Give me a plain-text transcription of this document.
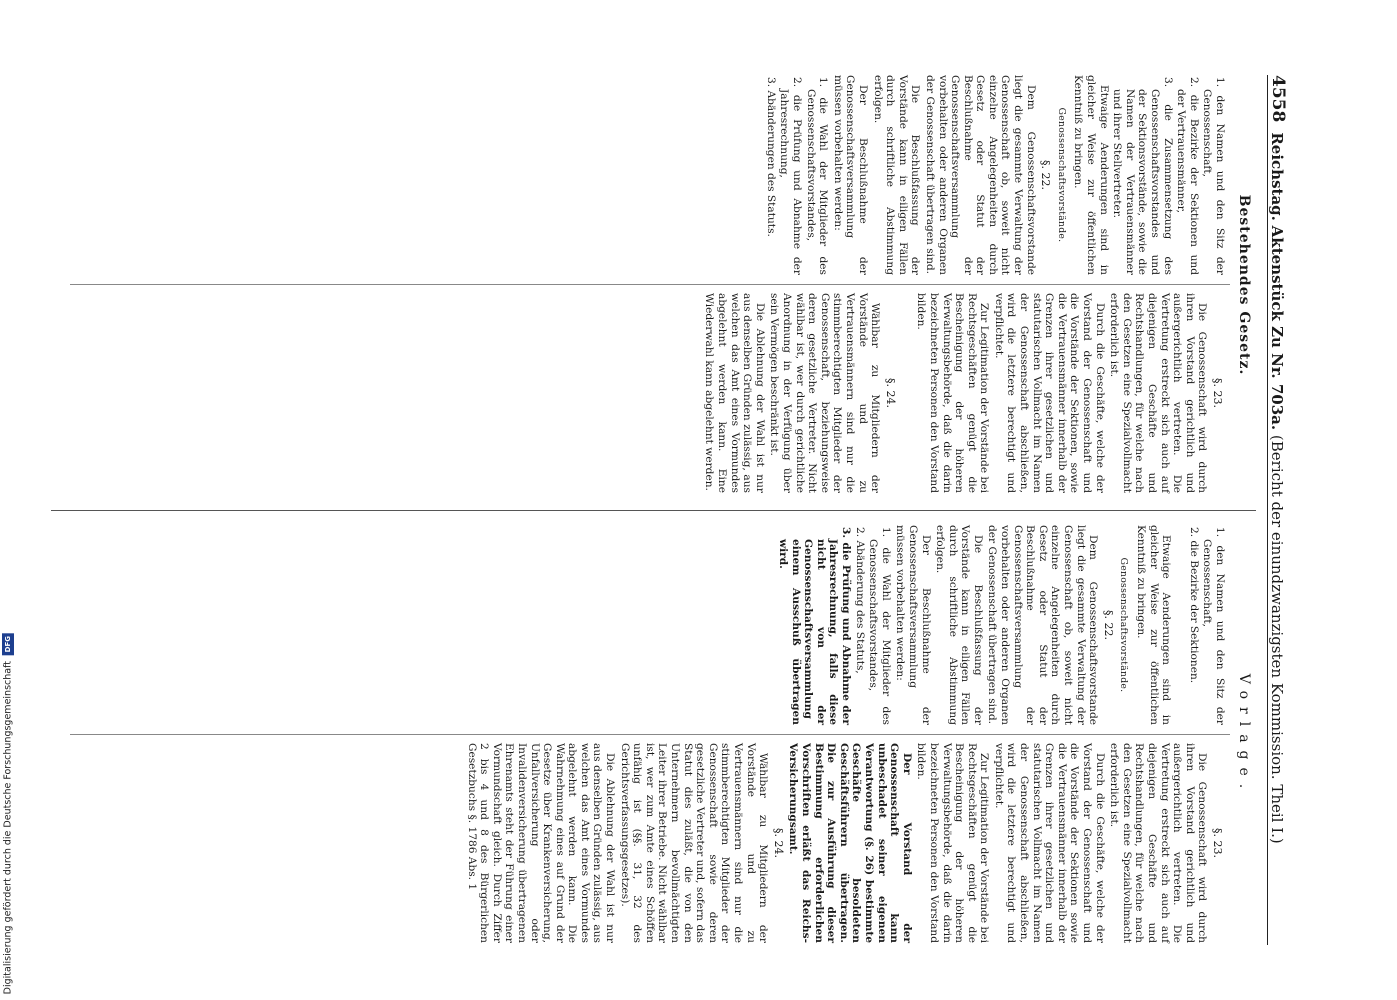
Digitalisierung gefördert durch die Deutsche Forschungsgemeinschaft
DFG
4558
Reichstag. Aktenstück Zu Nr. 703a. (Bericht der einundzwanzigsten Kommission. Theil I.)
Bestehendes Gesetz.
1. den Namen und den Sitz der Genossenschaft,
2. die Bezirke der Sektionen und der Vertrauensmänner,
3. die Zusammensetzung des Genossenschaftsvorstandes und der Sektionsvorstände, sowie die Namen der Vertrauensmänner und ihrer Stellvertreter.

Etwaige Aenderungen sind in gleicher Weise zur öffentlichen Kenntniß zu bringen.

Genossenschaftsvorstände.
§. 22.

Dem Genossenschaftsvorstande liegt die gesammte Verwaltung der Genossenschaft ob, soweit nicht einzelne Angelegenheiten durch Gesetz oder Statut der Beschlußnahme der Genossenschaftsversammlung vorbehalten oder anderen Organen der Genossenschaft übertragen sind.

Die Beschlußfassung der Vorstände kann in eiligen Fällen durch schriftliche Abstimmung erfolgen.

Der Beschlußnahme der Genossenschaftsversammlung müssen vorbehalten werden:

1. die Wahl der Mitglieder des Genossenschaftsvorstandes,
2. die Prüfung und Abnahme der Jahresrechnung,
3. Abänderungen des Statuts.
§. 23.

Die Genossenschaft wird durch ihren Vorstand gerichtlich und außergerichtlich vertreten. Die Vertretung erstreckt sich auch auf diejenigen Geschäfte und Rechtshandlungen, für welche nach den Gesetzen eine Spezialvollmacht erforderlich ist.

Durch die Geschäfte, welche der Vorstand der Genossenschaft und die Vorstände der Sektionen, sowie die Vertrauensmänner innerhalb der Grenzen ihrer gesetzlichen und statutarischen Vollmacht im Namen der Genossenschaft abschließen, wird die letztere berechtigt und verpflichtet.

Zur Legitimation der Vorstände bei Rechtsgeschäften genügt die Bescheinigung der höheren Verwaltungsbehörde, daß die darin bezeichneten Personen den Vorstand bilden.

§. 24.

Wählbar zu Mitgliedern der Vorstände und zu Vertrauensmännern sind nur die stimmberechtigten Mitglieder der Genossenschaft, beziehungsweise deren gesetzliche Vertreter. Nicht wählbar ist, wer durch gerichtliche Anordnung in der Verfügung über sein Vermögen beschränkt ist.

Die Ablehnung der Wahl ist nur aus denselben Gründen zulässig, aus welchen das Amt eines Vormundes abgelehnt werden kann. Eine Wiederwahl kann abgelehnt werden.

Vorlage.
1. den Namen und den Sitz der Genossenschaft,
2. die Bezirke der Sektionen.

Etwaige Aenderungen sind in gleicher Weise zur öffentlichen Kenntniß zu bringen.

Genossenschaftsvorstände.
§. 22.

Dem Genossenschaftsvorstande liegt die gesammte Verwaltung der Genossenschaft ob, soweit nicht einzelne Angelegenheiten durch Gesetz oder Statut der Beschlußnahme der Genossenschaftsversammlung vorbehalten oder anderen Organen der Genossenschaft übertragen sind.

Die Beschlußfassung der Vorstände kann in eiligen Fällen durch schriftliche Abstimmung erfolgen.

Der Beschlußnahme der Genossenschaftsversammlung müssen vorbehalten werden:

1. die Wahl der Mitglieder des Genossenschaftsvorstandes,
2. Abänderung des Statuts,
3. die Prüfung und Abnahme der Jahresrechnung, falls diese nicht von der Genossenschaftsversammlung einem Ausschuß übertragen wird.
§. 23.

Die Genossenschaft wird durch ihren Vorstand gerichtlich und außergerichtlich vertreten. Die Vertretung erstreckt sich auch auf diejenigen Geschäfte und Rechtshandlungen, für welche nach den Gesetzen eine Spezialvollmacht erforderlich ist.

Durch die Geschäfte, welche der Vorstand der Genossenschaft und die Vorstände der Sektionen sowie die Vertrauensmänner innerhalb der Grenzen ihrer gesetzlichen und statutarischen Vollmacht im Namen der Genossenschaft abschließen, wird die letztere berechtigt und verpflichtet.

Zur Legitimation der Vorstände bei Rechtsgeschäften genügt die Bescheinigung der höheren Verwaltungsbehörde, daß die darin bezeichneten Personen den Vorstand bilden.

Der Vorstand der Genossenschaft kann unbeschadet seiner eigenen Verantwortung (§. 26) bestimmte Geschäfte besoldeten Geschäftsführern übertragen. Die zur Ausführung dieser Bestimmung erforderlichen Vorschriften erläßt das Reichs-Versicherungsamt.

§. 24.

Wählbar zu Mitgliedern der Vorstände und zu Vertrauensmännern sind nur die stimmberechtigten Mitglieder der Genossenschaft sowie deren gesetzliche Vertreter und, sofern das Statut dies zuläßt, die von den Unternehmern bevollmächtigten Leiter ihrer Betriebe. Nicht wählbar ist, wer zum Amte eines Schöffen unfähig ist (§§. 31, 32 des Gerichtsverfassungsgesetzes).

Die Ablehnung der Wahl ist nur aus denselben Gründen zulässig, aus welchen das Amt eines Vormundes abgelehnt werden kann. Die Wahrnehmung eines auf Grund der Gesetze über Krankenversicherung, Unfallversicherung oder Invalidenversicherung übertragenen Ehrenamts steht der Führung einer Vormundschaft gleich. Durch Ziffer 2 bis 4 und 8 des Bürgerlichen Gesetzbuchs §. 1786 Abs. 1
